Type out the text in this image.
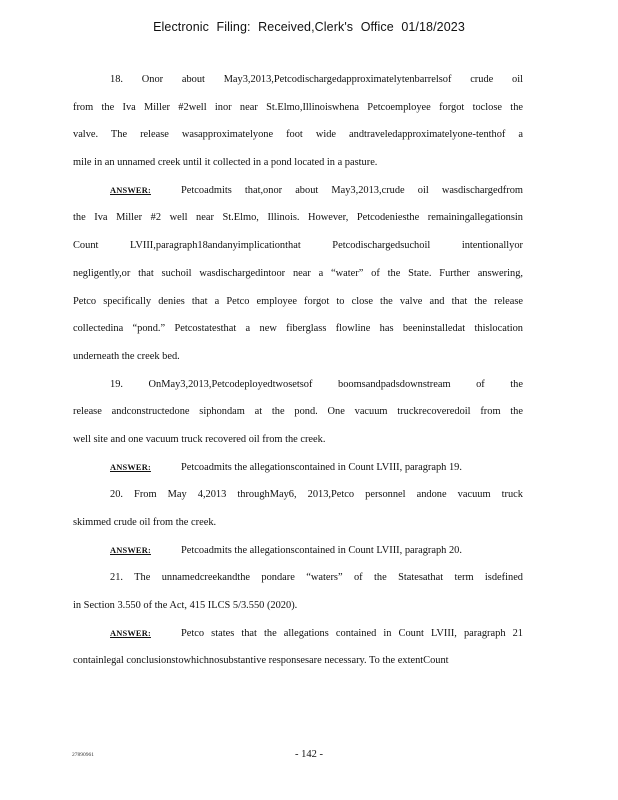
Electronic Filing: Received,Clerk's Office 01/18/2023
18. Onor about May3,2013,Petcodischargedapproximatelytenbarrelsof crude oil
from the Iva Miller #2well inor near St.Elmo,Illinoiswhena Petcoemployee forgot toclose the
valve. The release wasapproximatelyone foot wide andtraveledapproximatelyone-tenthof a
mile in an unnamed creek until it collected in a pond located in a pasture.
ANSWER:	Petcoadmits that,onor about May3,2013,crude oil wasdischargedfrom
the Iva Miller #2 well near St.Elmo, Illinois. However, Petcodeniesthe remainingallegationsin
Count LVIII,paragraph18andanyimplicationthat Petcodischargedsuchoil intentionallyor
negligently,or that suchoil wasdischargedintoor near a “water” of the State. Further answering,
Petco specifically denies that a Petco employee forgot to close the valve and that the release
collectedina “pond.” Petcostatesthat a new fiberglass flowline has beeninstalledat thislocation
underneath the creek bed.
19. OnMay3,2013,Petcodeployedtwosetsof boomsandpadsdownstream of the
release andconstructedone siphondam at the pond. One vacuum truckrecoveredoil from the
well site and one vacuum truck recovered oil from the creek.
ANSWER:	Petcoadmits the allegationscontained in Count LVIII, paragraph 19.
20. From May 4,2013 throughMay6, 2013,Petco personnel andone vacuum truck
skimmed crude oil from the creek.
ANSWER:	Petcoadmits the allegationscontained in Count LVIII, paragraph 20.
21. The unnamedcreekandthe pondare “waters” of the Statesathat term isdefined
in Section 3.550 of the Act, 415 ILCS 5/3.550 (2020).
ANSWER:	Petco states that the allegations contained in Count LVIII, paragraph 21
containlegal conclusionstowhichnosubstantive responsesare necessary. To the extentCount
27890961	- 142 -
